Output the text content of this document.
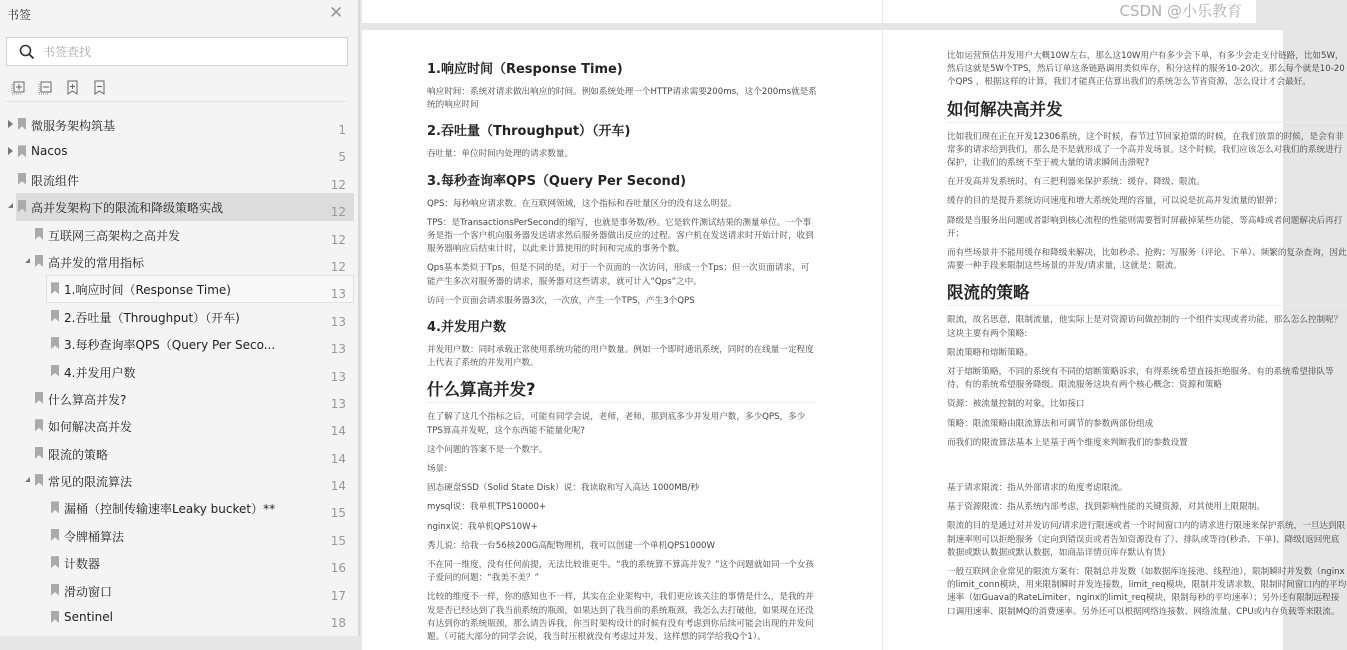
书签	✕
书签查找
微服务架构筑基	1
Nacos	5
限流组件	12
高并发架构下的限流和降级策略实战	12
互联网三高架构之高并发	12
高并发的常用指标	12
1.响应时间（Response Time)	13
2.吞吐量（Throughput）（开车)	13
3.每秒查询率QPS（Query Per Seco...	13
4.并发用户数	13
什么算高并发?	13
如何解决高并发	14
限流的策略	14
常见的限流算法	14
漏桶（控制传输速率Leaky bucket）**	15
令牌桶算法	15
计数器	16
滑动窗口	17
Sentinel	18
1.响应时间（Response Time)
响应时间：系统对请求做出响应的时间。例如系统处理一个HTTP请求需要200ms，这个200ms就是系统的响应时间
2.吞吐量（Throughput）（开车)
吞吐量：单位时间内处理的请求数量。
3.每秒查询率QPS（Query Per Second)
QPS：每秒响应请求数。在互联网领域，这个指标和吞吐量区分的没有这么明显。
TPS：是TransactionsPerSecond的缩写，也就是事务数/秒。它是软件测试结果的测量单位。一个事务是指一个客户机向服务器发送请求然后服务器做出反应的过程。客户机在发送请求时开始计时，收到服务器响应后结束计时，以此来计算使用的时间和完成的事务个数。
Qps基本类似于Tps，但是不同的是，对于一个页面的一次访问，形成一个Tps；但一次页面请求，可能产生多次对服务器的请求，服务器对这些请求，就可计入“Qps”之中。
访问一个页面会请求服务器3次，一次放，产生一个TPS，产生3个QPS
4.并发用户数
并发用户数：同时承载正常使用系统功能的用户数量。例如一个即时通讯系统，同时的在线量一定程度上代表了系统的并发用户数。
什么算高并发?
在了解了这几个指标之后，可能有同学会说，老师，老师，那到底多少并发用户数，多少QPS，多少TPS算高并发呢，这个东西能不能量化呢?
这个问题的答案不是一个数字。
场景:
固态硬盘SSD（Solid State Disk）说：我读取和写入高达 1000MB/秒
mysql说：我单机TPS10000+
nginx说：我单机QPS10W+
秀儿说：给我一台56核200G高配物理机，我可以创建一个单机QPS1000W
不在同一维度，没有任何前提，无法比较谁更牛。“我的系统算不算高并发？”这个问题就如同一个女孩子爱问的问题：“我美不美？”
比较的维度不一样，你的感知也不一样，其实在企业架构中，我们更应该关注的事情是什么，是我的并发是否已经达到了我当前系统的瓶颈，如果达到了我当前的系统瓶颈，我怎么去打破他，如果现在还没有达到你的系统瓶颈，那么请告诉我，你当时架构设计的时候有没有考虑到你后续可能会出现的并发问题。（可能大部分的同学会说，我当时压根就没有考虑过并发，这样想的同学给我Q个1）。
比如运营预估并发用户大概10W左右，那么这10W用户有多少会下单，有多少会走支付链路，比如5W，然后这就是5W个TPS，然后订单这条链路调用类似库存，积分这样的服务10-20次。那么每个就是10-20个QPS ，根据这样的计算，我们才能真正估算出我们的系统怎么节省资源，怎么设计才会最好。
如何解决高并发
比如我们现在正在开发12306系统，这个时候，春节过节回家抢票的时候，在我们放票的时候，是会有非常多的请求给到我们，那么是不是就形成了一个高并发场景。这个时候，我们应该怎么对我们的系统进行保护，让我们的系统不至于被大量的请求瞬间击溃呢?
在开发高并发系统时，有三把利器来保护系统：缓存、降级、限流。
缓存的目的是提升系统访问速度和增大系统处理的容量，可以说是抗高并发流量的银弹；
降级是当服务出问题或者影响到核心流程的性能则需要暂时屏蔽掉某些功能，等高峰或者问题解决后再打开；
而有些场景并不能用缓存和降级来解决，比如秒杀、抢购；写服务（评论、下单）、频繁的复杂查询，因此需要一种手段来限制这些场景的并发/请求量，这就是：限流。
限流的策略
限流，故名思意，限制流量，他实际上是对资源访问做控制的一个组件实现或者功能，那么怎么控制呢？这块主要有两个策略:
限流策略和熔断策略。
对于熔断策略，不同的系统有不同的熔断策略诉求，有得系统希望直接拒绝服务、有的系统希望排队等待、有的系统希望服务降级。限流服务这块有两个核心概念：资源和策略
资源：被流量控制的对象，比如接口
策略：限流策略由限流算法和可调节的参数两部份组成
而我们的限流算法基本上是基于两个维度来判断我们的参数设置
基于请求限流：指从外部请求的角度考虑限流。
基于资源限流：指从系统内部考虑，找到影响性能的关键资源，对其使用上限限制。
限流的目的是通过对并发访问/请求进行限速或者一个时间窗口内的请求进行限速来保护系统，一旦达到限制速率则可以拒绝服务（定向到错误页或者告知资源没有了）、排队或等待(秒杀、下单)、降级(返回兜底数据或默认数据或默认数据，如商品详情页库存默认有货)
一般互联网企业常见的限流方案有：限制总并发数（如数据库连接池、线程池），限制瞬时并发数（nginx的limit_conn模块，用来限制瞬时并发连接数，limit_req模块，限制并发请求数，限制时间窗口内的平均速率（如Guava的RateLimiter、nginx的limit_req模块，限制每秒的平均速率）；另外还有限制远程接口调用速率、限制MQ的消费速率。另外还可以根据网络连接数、网络流量、CPU或内存负载等来限流。
CSDN @小乐教育
